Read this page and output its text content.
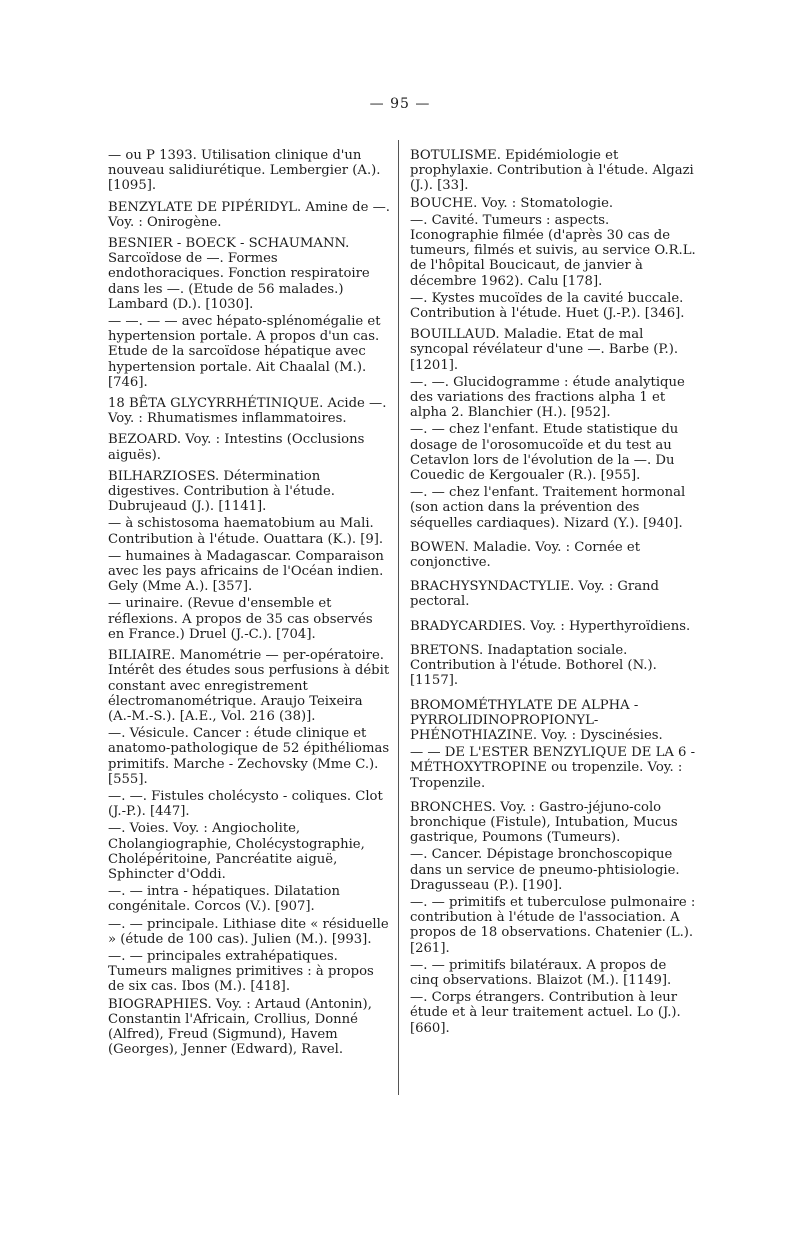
— 95 —

— ou P 1393. Utilisation clinique d'un nouveau salidiurétique. Lembergier (A.). [1095].

BENZYLATE DE PIPÉRIDYL. Amine de —. Voy. : Onirogène.

BESNIER - BOECK - SCHAUMANN. Sarcoïdose de —. Formes endothoraciques. Fonction respiratoire dans les —. (Etude de 56 malades.) Lambard (D.). [1030].

— —. — — avec hépato-splénomégalie et hypertension portale. A propos d'un cas. Etude de la sarcoïdose hépatique avec hypertension portale. Ait Chaalal (M.). [746].

18 BÊTA GLYCYRRHÉTINIQUE. Acide —. Voy. : Rhumatismes inflammatoires.

BEZOARD. Voy. : Intestins (Occlusions aiguës).

BILHARZIOSES. Détermination digestives. Contribution à l'étude. Dubrujeaud (J.). [1141].

— à schistosoma haematobium au Mali. Contribution à l'étude. Ouattara (K.). [9].

— humaines à Madagascar. Comparaison avec les pays africains de l'Océan indien. Gely (Mme A.). [357].

— urinaire. (Revue d'ensemble et réflexions. A propos de 35 cas observés en France.) Druel (J.-C.). [704].

BILIAIRE. Manométrie — per-opératoire. Intérêt des études sous perfusions à débit constant avec enregistrement électromanométrique. Araujo Teixeira (A.-M.-S.). [A.E., Vol. 216 (38)].

—. Vésicule. Cancer : étude clinique et anatomo-pathologique de 52 épithéliomas primitifs. Marche - Zechovsky (Mme C.). [555].

—. —. Fistules cholécysto - coliques. Clot (J.-P.). [447].

—. Voies. Voy. : Angiocholite, Cholangiographie, Cholécystographie, Cholépéritoine, Pancréatite aiguë, Sphincter d'Oddi.

—. — intra - hépatiques. Dilatation congénitale. Corcos (V.). [907].

—. — principale. Lithiase dite « résiduelle » (étude de 100 cas). Julien (M.). [993].

—. — principales extrahépatiques. Tumeurs malignes primitives : à propos de six cas. Ibos (M.). [418].

BIOGRAPHIES. Voy. : Artaud (Antonin), Constantin l'Africain, Crollius, Donné (Alfred), Freud (Sigmund), Havem (Georges), Jenner (Edward), Ravel.

BOTULISME. Epidémiologie et prophylaxie. Contribution à l'étude. Algazi (J.). [33].

BOUCHE. Voy. : Stomatologie.

—. Cavité. Tumeurs : aspects. Iconographie filmée (d'après 30 cas de tumeurs, filmés et suivis, au service O.R.L. de l'hôpital Boucicaut, de janvier à décembre 1962). Calu [178].

—. Kystes mucoïdes de la cavité buccale. Contribution à l'étude. Huet (J.-P.). [346].

BOUILLAUD. Maladie. Etat de mal syncopal révélateur d'une —. Barbe (P.). [1201].

—. —. Glucidogramme : étude analytique des variations des fractions alpha 1 et alpha 2. Blanchier (H.). [952].

—. — chez l'enfant. Etude statistique du dosage de l'orosomucoïde et du test au Cetavlon lors de l'évolution de la —. Du Couedic de Kergoualer (R.). [955].

—. — chez l'enfant. Traitement hormonal (son action dans la prévention des séquelles cardiaques). Nizard (Y.). [940].

BOWEN. Maladie. Voy. : Cornée et conjonctive.

BRACHYSYNDACTYLIE. Voy. : Grand pectoral.

BRADYCARDIES. Voy. : Hyperthyroïdiens.

BRETONS. Inadaptation sociale. Contribution à l'étude. Bothorel (N.). [1157].

BROMOMÉTHYLATE DE ALPHA - PYRROLIDINOPROPIONYL-PHÉNOTHIAZINE. Voy. : Dyscinésies.

— — DE L'ESTER BENZYLIQUE DE LA 6 - MÉTHOXYTROPINE ou tropenzile. Voy. : Tropenzile.

BRONCHES. Voy. : Gastro-jéjuno-colo bronchique (Fistule), Intubation, Mucus gastrique, Poumons (Tumeurs).

—. Cancer. Dépistage bronchoscopique dans un service de pneumo-phtisiologie. Dragusseau (P.). [190].

—. — primitifs et tuberculose pulmonaire : contribution à l'étude de l'association. A propos de 18 observations. Chatenier (L.). [261].

—. — primitifs bilatéraux. A propos de cinq observations. Blaizot (M.). [1149].

—. Corps étrangers. Contribution à leur étude et à leur traitement actuel. Lo (J.). [660].
